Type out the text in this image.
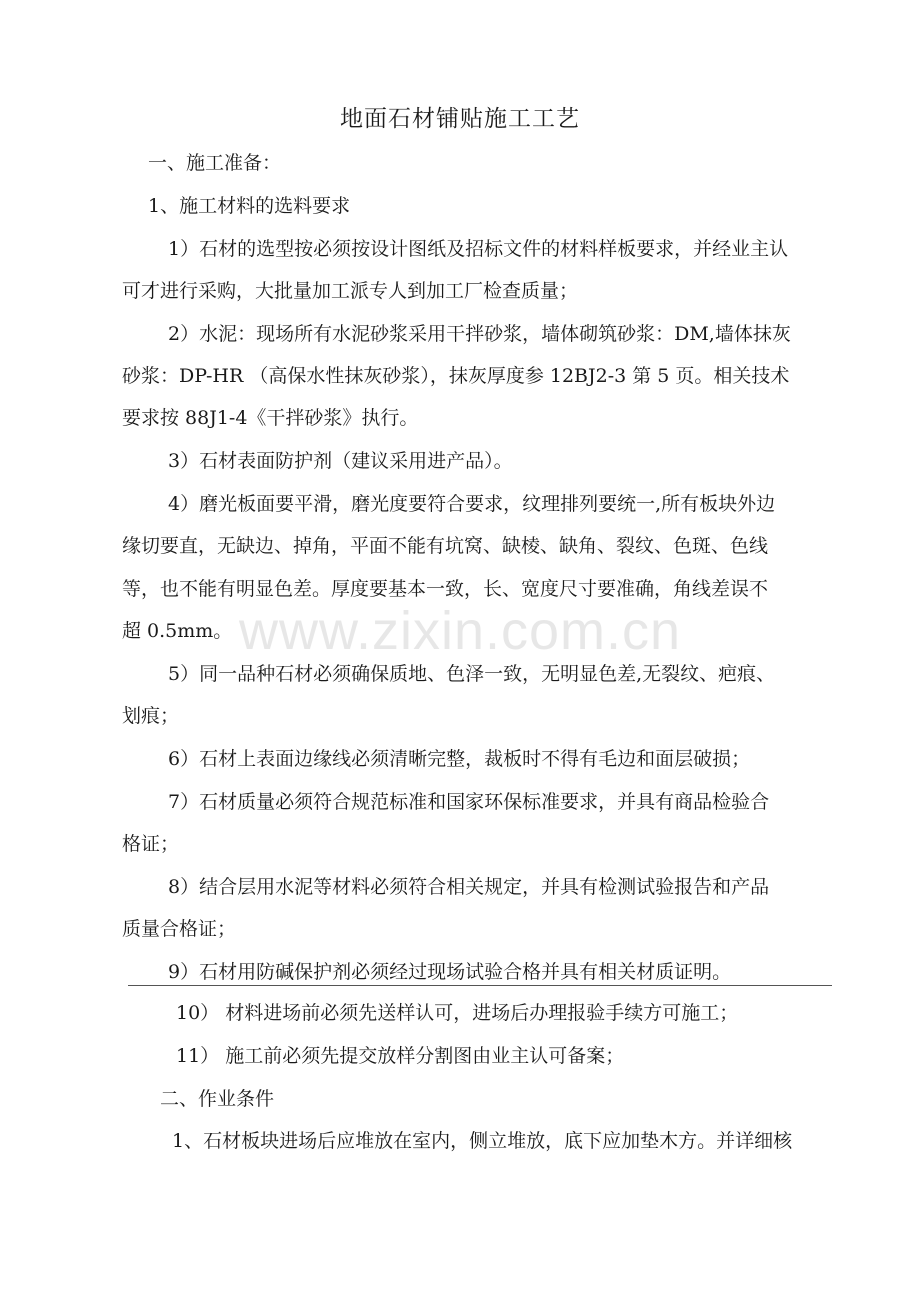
地面石材铺贴施工工艺
一、施工准备：
1、施工材料的选料要求
1）石材的选型按必须按设计图纸及招标文件的材料样板要求，并经业主认
可才进行采购，大批量加工派专人到加工厂检查质量；
2）水泥：现场所有水泥砂浆采用干拌砂浆，墙体砌筑砂浆：DM,墙体抹灰
砂浆：DP-HR （高保水性抹灰砂浆），抹灰厚度参 12BJ2-3 第 5 页。相关技术
要求按 88J1-4《干拌砂浆》执行。
3）石材表面防护剂（建议采用进产品）。
4）磨光板面要平滑，磨光度要符合要求，纹理排列要统一,所有板块外边
缘切要直，无缺边、掉角，平面不能有坑窝、缺棱、缺角、裂纹、色斑、色线
等，也不能有明显色差。厚度要基本一致，长、宽度尺寸要准确，角线差误不
超 0.5mm。
5）同一品种石材必须确保质地、色泽一致，无明显色差,无裂纹、疤痕、
划痕；
6）石材上表面边缘线必须清晰完整，裁板时不得有毛边和面层破损；
7）石材质量必须符合规范标准和国家环保标准要求，并具有商品检验合
格证；
8）结合层用水泥等材料必须符合相关规定，并具有检测试验报告和产品
质量合格证；
9）石材用防碱保护剂必须经过现场试验合格并具有相关材质证明。
10） 材料进场前必须先送样认可，进场后办理报验手续方可施工；
11） 施工前必须先提交放样分割图由业主认可备案；
二、作业条件
1、石材板块进场后应堆放在室内，侧立堆放，底下应加垫木方。并详细核
www.zixin.com.cn
